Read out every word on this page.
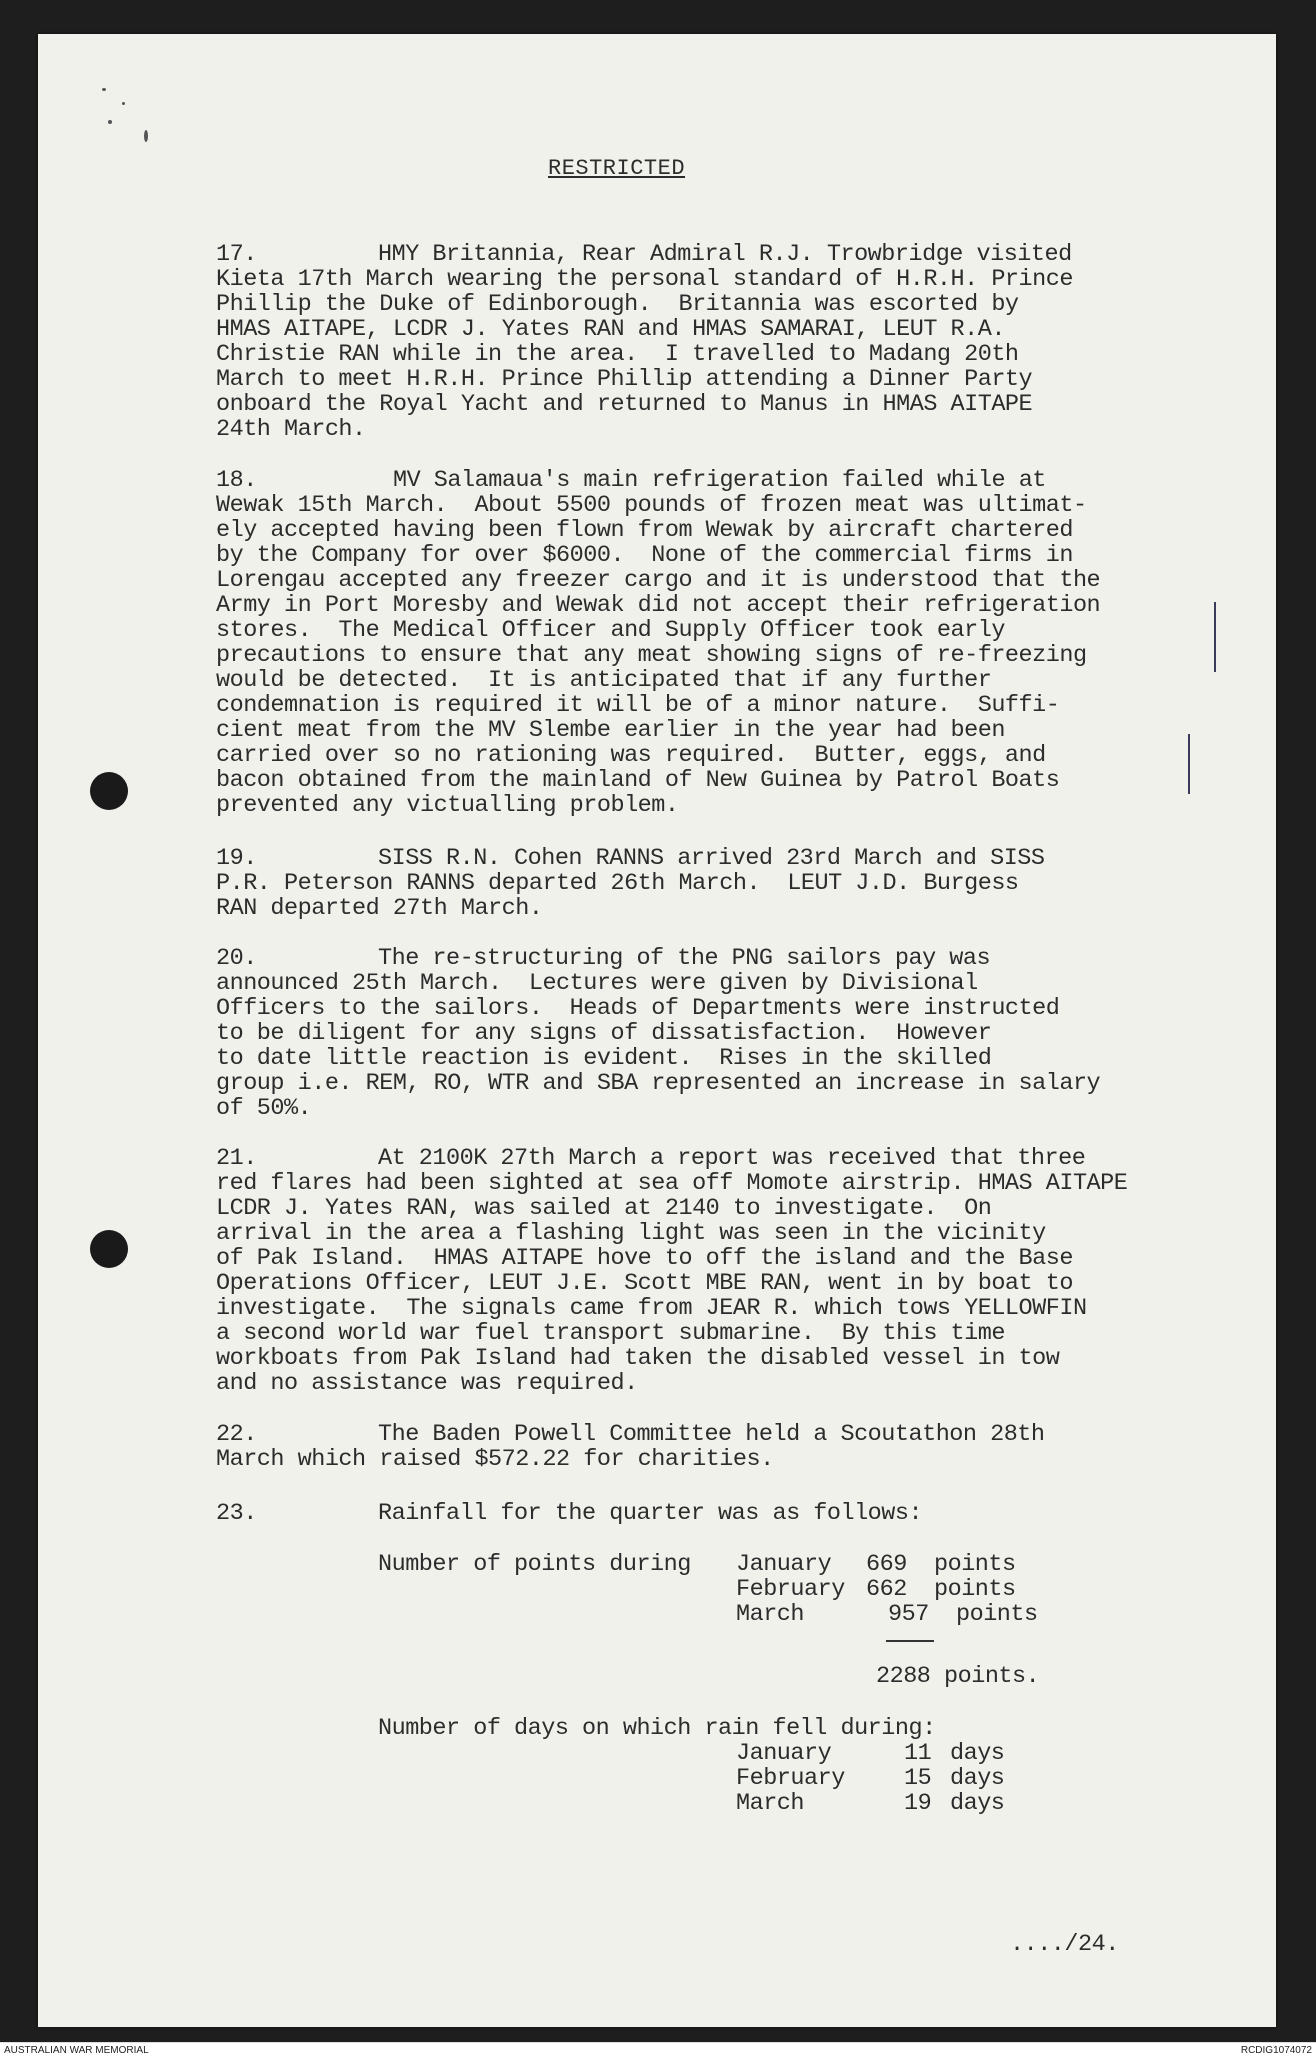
RESTRICTED
17.	HMY Britannia, Rear Admiral R.J. Trowbridge visited
Kieta 17th March wearing the personal standard of H.R.H. Prince
Phillip the Duke of Edinborough.  Britannia was escorted by
HMAS AITAPE, LCDR J. Yates RAN and HMAS SAMARAI, LEUT R.A.
Christie RAN while in the area.  I travelled to Madang 20th
March to meet H.R.H. Prince Phillip attending a Dinner Party
onboard the Royal Yacht and returned to Manus in HMAS AITAPE
24th March.
18.	MV Salamaua's main refrigeration failed while at
Wewak 15th March.  About 5500 pounds of frozen meat was ultimat-
ely accepted having been flown from Wewak by aircraft chartered
by the Company for over $6000.  None of the commercial firms in
Lorengau accepted any freezer cargo and it is understood that the
Army in Port Moresby and Wewak did not accept their refrigeration
stores.  The Medical Officer and Supply Officer took early
precautions to ensure that any meat showing signs of re-freezing
would be detected.  It is anticipated that if any further
condemnation is required it will be of a minor nature.  Suffi-
cient meat from the MV Slembe earlier in the year had been
carried over so no rationing was required.  Butter, eggs, and
bacon obtained from the mainland of New Guinea by Patrol Boats
prevented any victualling problem.
19.	SISS R.N. Cohen RANNS arrived 23rd March and SISS
P.R. Peterson RANNS departed 26th March.  LEUT J.D. Burgess
RAN departed 27th March.
20.	The re-structuring of the PNG sailors pay was
announced 25th March.  Lectures were given by Divisional
Officers to the sailors.  Heads of Departments were instructed
to be diligent for any signs of dissatisfaction.  However
to date little reaction is evident.  Rises in the skilled
group i.e. REM, RO, WTR and SBA represented an increase in salary
of 50%.
21.	At 2100K 27th March a report was received that three
red flares had been sighted at sea off Momote airstrip. HMAS AITAPE
LCDR J. Yates RAN, was sailed at 2140 to investigate.  On
arrival in the area a flashing light was seen in the vicinity
of Pak Island.  HMAS AITAPE hove to off the island and the Base
Operations Officer, LEUT J.E. Scott MBE RAN, went in by boat to
investigate.  The signals came from JEAR R. which tows YELLOWFIN
a second world war fuel transport submarine.  By this time
workboats from Pak Island had taken the disabled vessel in tow
and no assistance was required.
22.	The Baden Powell Committee held a Scoutathon 28th
March which raised $572.22 for charities.
23.	Rainfall for the quarter was as follows:
Number of points during January 669 points
February 662 points
March	957 points
2288 points.
Number of days on which rain fell during:
January	11 days
February	15 days
March	19 days
..../24.
AUSTRALIAN WAR MEMORIAL	RCDIG1074072
